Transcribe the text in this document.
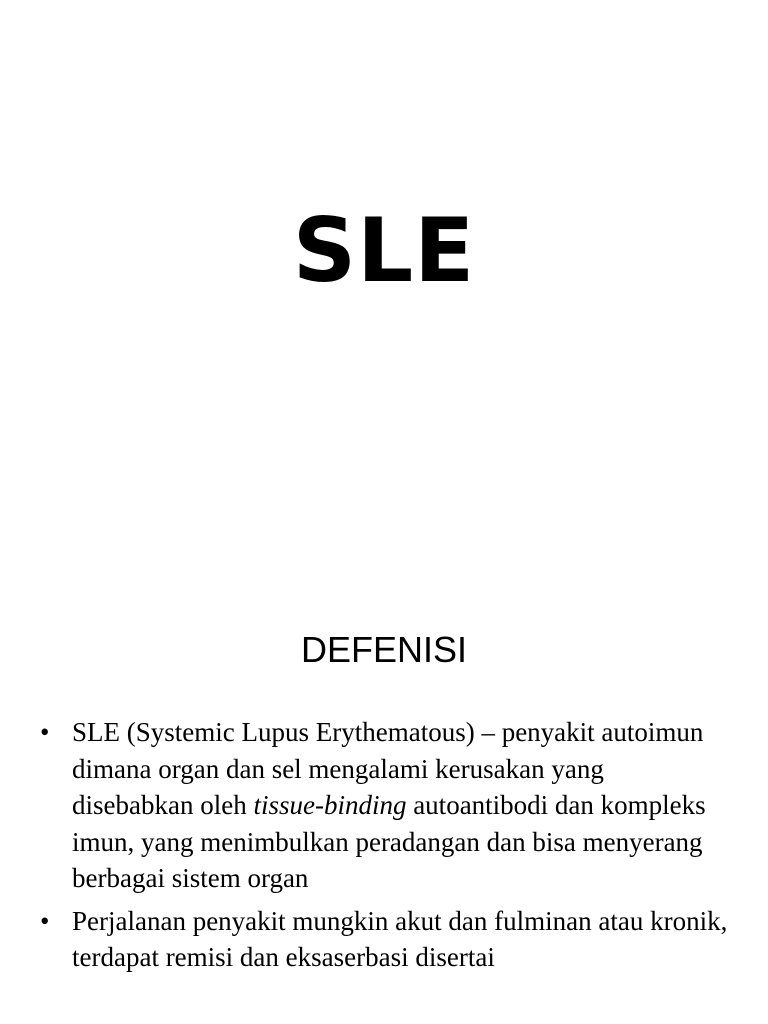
SLE
DEFENISI
• SLE (Systemic Lupus Erythematous) – penyakit autoimun dimana organ dan sel mengalami kerusakan yang disebabkan oleh tissue-binding autoantibodi dan kompleks imun, yang menimbulkan peradangan dan bisa menyerang berbagai sistem organ
• Perjalanan penyakit mungkin akut dan fulminan atau kronik, terdapat remisi dan eksaserbasi disertai
